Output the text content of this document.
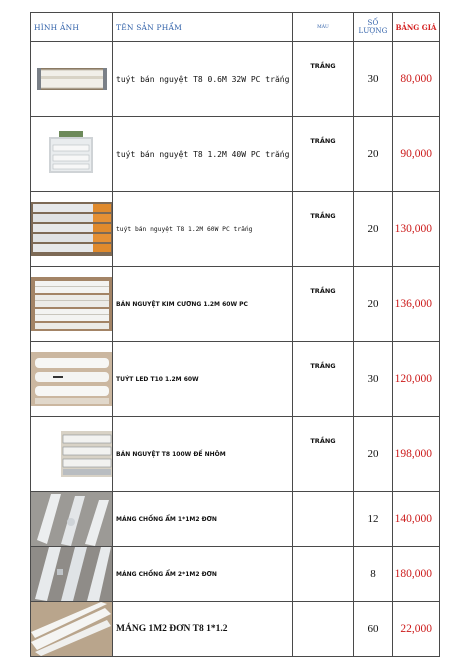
HÌNH ẢNH	TÊN SẢN PHẨM	MÀU	SỐ LƯỢNG	BẢNG GIÁ

	tuýt bán nguyệt T8 0.6M 32W PC trắng	TRẮNG	30	80,000

	tuýt bán nguyệt T8 1.2M 40W PC trắng	TRẮNG	20	90,000

	tuýt bán nguyệt T8 1.2M 60W PC trắng	TRẮNG	20	130,000

	BÁN NGUYỆT KIM CƯƠNG 1.2M 60W PC	TRẮNG	20	136,000

	TUÝT LED T10 1.2M 60W	TRẮNG	30	120,000

	BÁN NGUYỆT T8 100W ĐẾ NHÔM	TRẮNG	20	198,000

	MÁNG CHỐNG ẨM 1*1M2 ĐƠN		12	140,000

	MÁNG CHỐNG ẨM 2*1M2 ĐƠN		8	180,000

	MÁNG 1M2 ĐƠN T8 1*1.2		60	22,000
